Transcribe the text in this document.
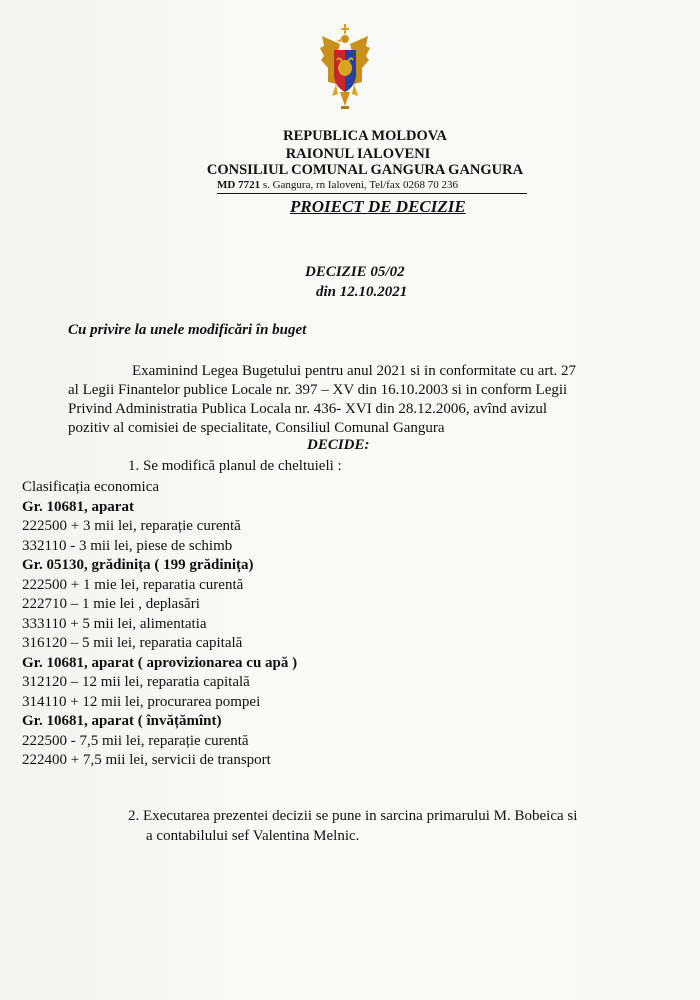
REPUBLICA MOLDOVA
RAIONUL IALOVENI
CONSILIUL COMUNAL GANGURA GANGURA
MD 7721 s. Gangura, rn Ialoveni, Tel/fax 0268 70 236
PROIECT DE DECIZIE
DECIZIE 05/02
din 12.10.2021
Cu privire la unele modificări în buget

Examinind Legea Bugetului pentru anul 2021 si in conformitate cu art. 27

al Legii Finantelor publice Locale nr. 397 – XV din 16.10.2003 si in conform Legii

Privind Administratia Publica Locala nr. 436- XVI din 28.12.2006, avînd avizul

pozitiv al comisiei de specialitate, Consiliul Comunal Gangura

DECIDE:
1. Se modifică planul de cheltuieli :
Clasificația economica
Gr. 10681, aparat
222500 + 3 mii lei, reparație curentă
332110 - 3 mii lei, piese de schimb
Gr. 05130, grădinița ( 199 grădinița)
222500 + 1 mie lei, reparatia curentă
222710 – 1 mie lei , deplasări
333110 + 5 mii lei, alimentatia
316120 – 5 mii lei, reparatia capitală
Gr. 10681, aparat ( aprovizionarea cu apă )
312120 – 12 mii lei, reparatia capitală
314110 + 12 mii lei, procurarea pompei
Gr. 10681, aparat ( învățămînt)
222500 - 7,5 mii lei, reparație curentă
222400 + 7,5 mii lei, servicii de transport
2. Executarea prezentei decizii se pune in sarcina primarului M. Bobeica si
a contabilului sef Valentina Melnic.
